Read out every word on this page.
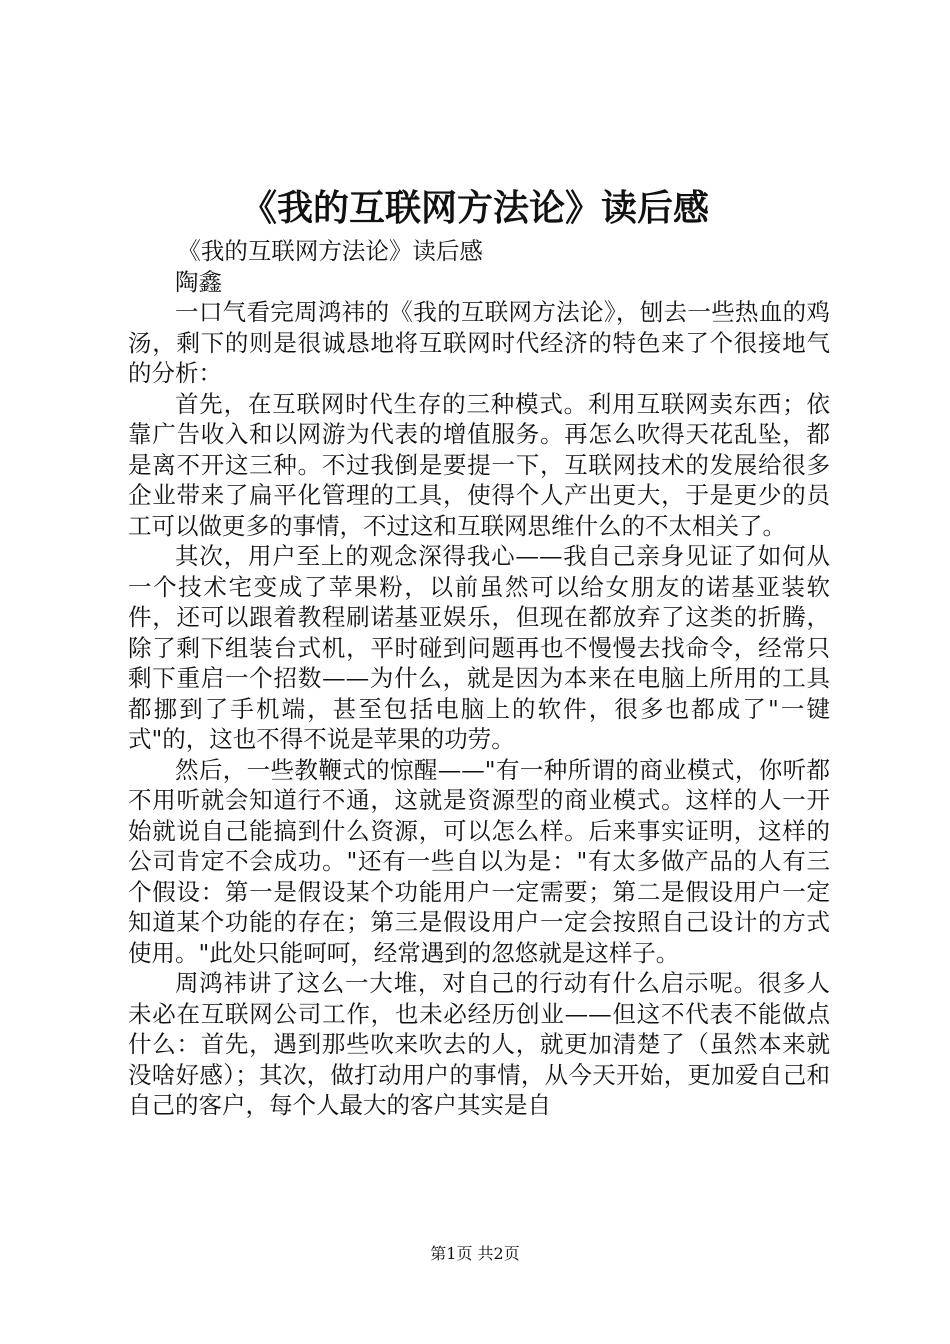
《我的互联网方法论》读后感

《我的互联网方法论》读后感

陶鑫

一口气看完周鸿祎的《我的互联网方法论》，刨去一些热血的鸡汤，剩下的则是很诚恳地将互联网时代经济的特色来了个很接地气的分析：

首先，在互联网时代生存的三种模式。利用互联网卖东西；依靠广告收入和以网游为代表的增值服务。再怎么吹得天花乱坠，都是离不开这三种。不过我倒是要提一下，互联网技术的发展给很多企业带来了扁平化管理的工具，使得个人产出更大，于是更少的员工可以做更多的事情，不过这和互联网思维什么的不太相关了。

其次，用户至上的观念深得我心——我自己亲身见证了如何从一个技术宅变成了苹果粉，以前虽然可以给女朋友的诺基亚装软件，还可以跟着教程刷诺基亚娱乐，但现在都放弃了这类的折腾，除了剩下组装台式机，平时碰到问题再也不慢慢去找命令，经常只剩下重启一个招数——为什么，就是因为本来在电脑上所用的工具都挪到了手机端，甚至包括电脑上的软件，很多也都成了"一键式"的，这也不得不说是苹果的功劳。

然后，一些教鞭式的惊醒——"有一种所谓的商业模式，你听都不用听就会知道行不通，这就是资源型的商业模式。这样的人一开始就说自己能搞到什么资源，可以怎么样。后来事实证明，这样的公司肯定不会成功。"还有一些自以为是："有太多做产品的人有三个假设：第一是假设某个功能用户一定需要；第二是假设用户一定知道某个功能的存在；第三是假设用户一定会按照自己设计的方式使用。"此处只能呵呵，经常遇到的忽悠就是这样子。

周鸿祎讲了这么一大堆，对自己的行动有什么启示呢。很多人未必在互联网公司工作，也未必经历创业——但这不代表不能做点什么：首先，遇到那些吹来吹去的人，就更加清楚了（虽然本来就没啥好感）；其次，做打动用户的事情，从今天开始，更加爱自己和自己的客户，每个人最大的客户其实是自

第1页 共2页
